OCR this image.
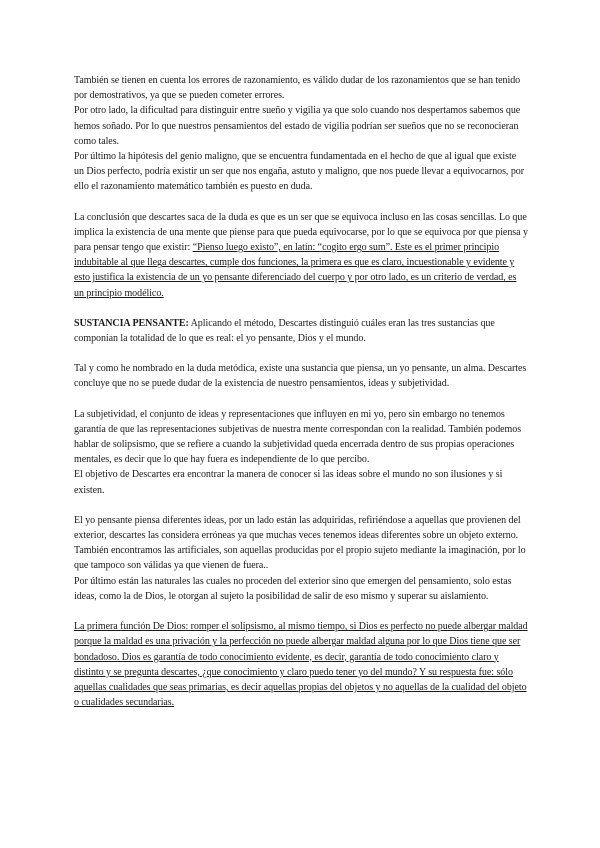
También se tienen en cuenta los errores de razonamiento, es válido dudar de los razonamientos que se han tenido por demostrativos, ya que se pueden cometer errores.

Por otro lado, la dificultad para distinguir entre sueño y vigilia ya que solo cuando nos despertamos sabemos que hemos soñado. Por lo que nuestros pensamientos del estado de vigilia podrían ser sueños que no se reconocieran como tales.

Por último la hipótesis del genio maligno, que se encuentra fundamentada en el hecho de que al igual que existe un Dios perfecto, podría existir un ser que nos engaña, astuto y maligno, que nos puede llevar a equivocarnos, por ello el razonamiento matemático también es puesto en duda.

La conclusión que descartes saca de la duda es que es un ser que se equivoca incluso en las cosas sencillas. Lo que implica la existencia de una mente que piense para que pueda equivocarse, por lo que se equivoca por que piensa y para pensar tengo que existir: “Pienso luego existo”, en latín: “cogito ergo sum”. Este es el primer principio indubitable al que llega descartes, cumple dos funciones, la primera es que es claro, incuestionable y evidente y esto justifica la existencia de un yo pensante diferenciado del cuerpo y por otro lado, es un criterio de verdad, es un principio modélico.

SUSTANCIA PENSANTE: Aplicando el método, Descartes distinguió cuáles eran las tres sustancias que componían la totalidad de lo que es real: el yo pensante, Dios y el mundo.

Tal y como he nombrado en la duda metódica, existe una sustancia que piensa, un yo pensante, un alma. Descartes concluye que no se puede dudar de la existencia de nuestro pensamientos, ideas y subjetividad.

La subjetividad, el conjunto de ideas y representaciones que influyen en mi yo, pero sin embargo no tenemos garantía de que las representaciones subjetivas de nuestra mente correspondan con la realidad. También podemos hablar de solipsismo, que se refiere a cuando la subjetividad queda encerrada dentro de sus propias operaciones mentales, es decir que lo que hay fuera es independiente de lo que percibo.

El objetivo de Descartes era encontrar la manera de conocer si las ideas sobre el mundo no son ilusiones y si existen.

El yo pensante piensa diferentes ideas, por un lado están las adquiridas, refiriéndose a aquellas que provienen del exterior, descartes las considera erróneas ya que muchas veces tenemos ideas diferentes sobre un objeto externo.

También encontramos las artificiales, son aquellas producidas por el propio sujeto mediante la imaginación, por lo que tampoco son válidas ya que vienen de fuera..

Por último están las naturales las cuales no proceden del exterior sino que emergen del pensamiento, solo estas ideas, como la de Dios, le otorgan al sujeto la posibilidad de salir de eso mismo y superar su aislamiento.

La primera función De Dios: romper el solipsismo, al mismo tiempo, si Dios es perfecto no puede albergar maldad porque la maldad es una privación y la perfección no puede albergar maldad alguna por lo que Dios tiene que ser bondadoso. Dios es garantía de todo conocimiento evidente, es decir, garantía de todo conocimiento claro y distinto y se pregunta descartes, ¿que conocimiento y claro puedo tener yo del mundo? Y su respuesta fue: sólo aquellas cualidades que seas primarias, es decir aquellas propias del objetos y no aquellas de la cualidad del objeto o cualidades secundarias.
